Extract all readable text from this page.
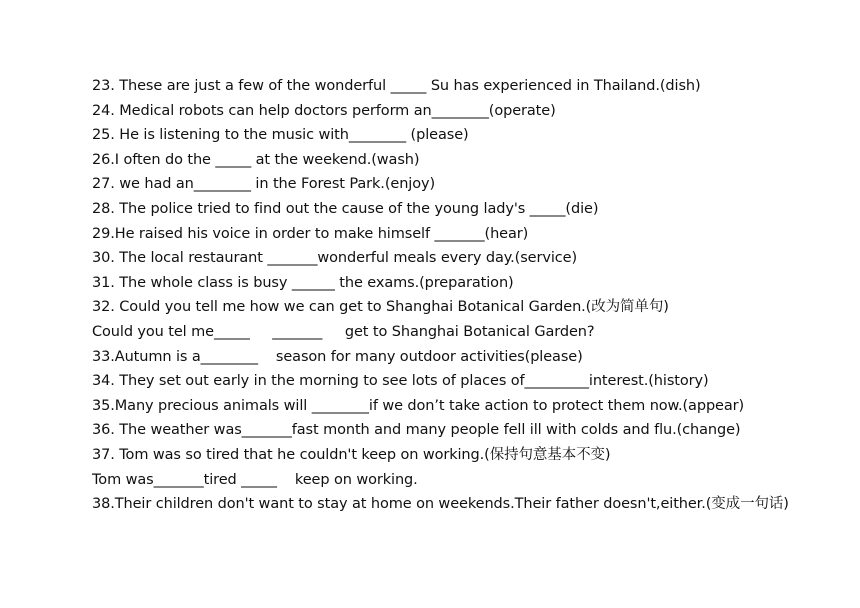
23. These are just a few of the wonderful _____ Su has experienced in Thailand.(dish)
24. Medical robots can help doctors perform an________(operate)
25. He is listening to the music with________ (please)
26.I often do the _____ at the weekend.(wash)
27. we had an________ in the Forest Park.(enjoy)
28. The police tried to find out the cause of the young lady's _____(die)
29.He raised his voice in order to make himself _______(hear)
30. The local restaurant _______wonderful meals every day.(service)
31. The whole class is busy ______ the exams.(preparation)
32. Could you tell me how we can get to Shanghai Botanical Garden.(改为简单句)
Could you tel me_____     _______     get to Shanghai Botanical Garden?
33.Autumn is a________    season for many outdoor activities(please)
34. They set out early in the morning to see lots of places of_________interest.(history)
35.Many precious animals will ________if we don’t take action to protect them now.(appear)
36. The weather was_______fast month and many people fell ill with colds and flu.(change)
37. Tom was so tired that he couldn't keep on working.(保持句意基本不变)
Tom was_______tired _____    keep on working.
38.Their children don't want to stay at home on weekends.Their father doesn't,either.(变成一句话)
